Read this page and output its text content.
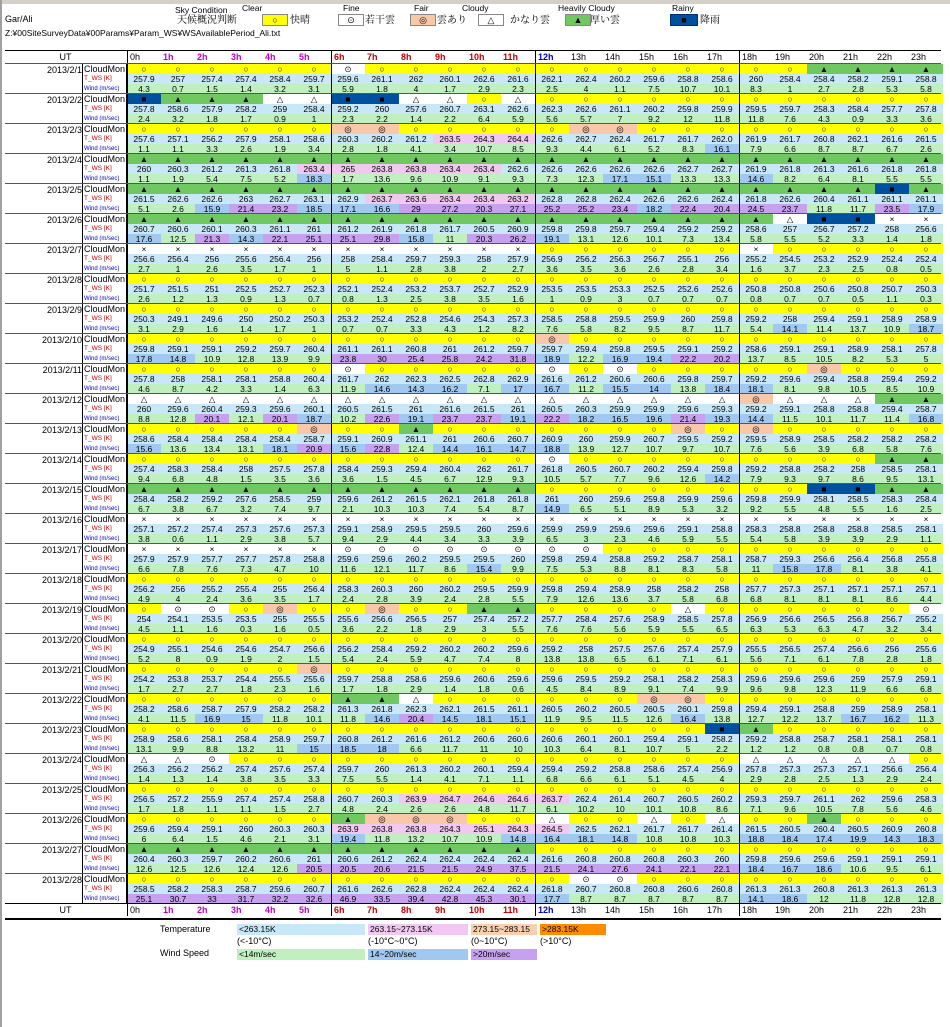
Gar/Ali
Z:¥00SiteSurveyData¥00Params¥Param_WS¥WSAvailablePeriod_Ali.txt
Sky Condition
天候概況判断
Clear
○	快晴
Fine
⊙	若干雲
Fair
◎	雲あり
Cloudy
△	かなり雲
Heavily Cloudy
▲ 厚い雲
Rainy
■	降雨
UT	0h	1h	2h	3h	4h	5h	6h	7h	8h	9h	10h	11h	12h	13h	14h	15h	16h	17h	18h	19h	20h	21h	22h	23h
2013/2/1 CloudMon
T_WS [K]
Wind (m/sec)
○	○	○	○	○	○	⊙	○	○	○	○	○	○	○	○	○	○	○	○	○	▲	▲	▲	▲
257.9	257	257.4	257.4	258.4	259.7	259.6	261.1	262	260.1	262.6	261.6	262.1	262.4	260.2	259.6	258.8	258.6	260	258.4	258.4	258.2	259.1	258.8
4.3	0.7	1.5	1.4	3.2	3.1	5.9	1.8	4	1.7	2.9	2.3	2.5	4	1.1	7.5	10.7	10.1	8.3	1	2.7	2.8	5.3	5.8
2013/2/2 CloudMon
T_WS [K]
Wind (m/sec)
■	▲	▲	▲	△	△	■	■	△	△	○	△	○	○	○	○	○	○	○	○	○	○	○	○
257.8	258.6	257.9	258.2	259	258.4	259.2	260	257.6	260.7	263.1	262.6	262.3	262.6	261.1	260.2	259.8	259.9	259.5	259.7	258.3	258.4	257.7	257.8
2.4	3.2	1.8	1.7	0.9	1	2.3	2.2	1.4	2.2	6.4	5.9	5.6	5.7	7	9.2	12	11.8	11.8	7.6	4.3	0.9	3.3	3.6
2013/2/3 CloudMon
T_WS [K]
Wind (m/sec)
○	○	○	○	○	○	◎	◎	○	○	○	○	○	◎	◎	○	○	○	○	○	○	○	○	○
257.6	257.1	256.2	257.9	258.1	258.6	260.3	260.2	261.2	263.5	264.3	264.4	262.6	262.7	262.4	261.7	261.7	262.0	261.9	261.7	260.8	262.1	261.6	261.5
1.1	1.1	3.3	2.6	1.9	3.4	2.8	1.8	4.1	3.4	10.7	8.5	9.3	4.4	6.1	5.2	8.3	16.1	7.9	6.6	8.7	8.7	6.7	2.6
2013/2/4 CloudMon
T_WS [K]
Wind (m/sec)
▲	▲	▲	▲	▲	▲	▲	▲	▲	▲	▲	▲	▲	▲	▲	▲	▲	▲	▲	▲	▲	▲	▲	▲
260	260.3	261.2	261.3	261.8	263.4	265	263.8	263.8	263.4	263.4	262.6	262.6	262.6	262.6	262.6	262.7	262.7	261.9	261.8	261.3	261.6	261.8	261.8
1.1	1.9	5.4	7.5	5.2	18.3	1.7	13.6	9.6	10.9	9.1	9.3	7.3	12.3	17.1	15.1	13.3	13.3	14.6	8.2	6.4	8.1	5.5	5.5
2013/2/5 CloudMon
T_WS [K]
Wind (m/sec)
▲	▲	▲	▲	▲	▲	▲	▲	▲	▲	▲	▲	▲	▲	▲	▲	▲	▲	▲	▲	▲	▲	■	▲
261.5	262.6	262.6	263	262.7	263.1	262.9	263.7	263.6	263.4	263.4	263.2	262.8	262.8	262.4	262.6	262.6	262.4	261.8	262.6	260.4	261.1	261.1	261.1
5.1	2.6	15.9	21.4	23.2	18.5	17.1	16.6	29	27.2	20.3	27.1	25.2	25.2	23.4	18.2	22.4	20.4	24.5	23.7	11.8	11.7	23.5	17.9
2013/2/6 CloudMon
T_WS [K]
Wind (m/sec)
▲	▲	▲	▲	▲	▲	▲	▲	▲	▲	▲	▲	▲	▲	▲	▲	▲	▲	▲	△	■	■	×	×
260.7	260.6	260.1	260.3	261.1	261	261.2	261.9	261.8	261.7	260.5	260.9	259.8	259.8	259.7	259.4	259.2	259.2	258.6	257	256.7	257.2	258	256.6
17.6	12.5	21.3	14.3	22.1	25.1	25.1	29.8	15.8	11	20.3	26.2	19.1	13.1	12.6	10.1	7.3	13.4	5.8	5.5	5.2	3.3	1.4	1.8
2013/2/7 CloudMon
T_WS [K]
Wind (m/sec)
×	×	×	×	×	×	×	×	×	×	×	×	○	○	○	○	○	○	×	○	○	○	○	○
256.6	256.4	256	255.6	256.4	256	258	258.4	259.7	259.3	258	257.9	256.9	256.2	256.3	256.7	255.1	256	255.2	254.5	253.2	252.9	252.4	252.4
2.7	1	2.6	3.5	1.7	1	5	1.1	2.8	3.8	2	2.7	3.6	3.5	3.6	2.6	2.8	3.4	1.6	3.7	2.3	2.5	0.8	0.5
2013/2/8 CloudMon
T_WS [K]
Wind (m/sec)
○	○	○	○	○	○	○	○	○	○	○	○	○	○	○	○	○	○	○	○	○	○	○	○
251.7	251.5	251	252.5	252.7	252.3	252.1	252.4	253.2	253.7	252.7	252.9	253.5	253.5	253.3	252.5	252.6	252.6	250.8	250.8	250.6	250.8	250.7	250.3
2.6	1.2	1.3	0.9	1.3	0.7	0.8	1.3	2.5	3.8	3.5	1.6	1	0.9	3	0.7	0.7	0.7	0.8	0.7	0.7	0.5	1.1	0.3
2013/2/9 CloudMon
T_WS [K]
Wind (m/sec)
○	○	○	○	○	○	○	○	○	○	○	○	○	○	○	○	○	○	○	○	○	○	○	○
250.3	249.1	249.6	250	250.2	250.3	253.2	252.4	252.8	254.6	254.3	257.3	258.5	258.8	259.5	259.9	260	259.8	259.2	258	259.4	259.1	258.9	258.9
3.1	2.9	1.6	1.4	1.7	1	0.7	0.7	3.3	4.3	1.2	8.2	7.6	5.8	8.2	9.5	8.7	11.7	5.4	14.1	11.4	13.7	10.9	18.7
2013/2/10 CloudMon
T_WS [K]
Wind (m/sec)
○	○	○	○	○	○	○	○	○	○	○	○	◎	○	○	○	○	○	○	○	○	○	○	○
259.8	259.1	259.1	259.2	259.7	260.4	261.1	261.1	260.8	261	261.2	259.7	259.7	259.4	259.8	259.5	259.1	259.2	258.6	259.1	259.1	258.9	258.1	257.8
17.8	14.8	10.9	12.8	13.9	9.9	23.8	30	25.4	25.8	24.2	31.8	18.9	12.2	16.9	19.4	22.2	20.2	13.7	8.5	10.5	8.2	5.3	5
2013/2/11 CloudMon
T_WS [K]
Wind (m/sec)
○	○	○	○	○	○	⊙	○	○	○	○	○	⊙	○	⊙	○	○	○	○	○	◎	○	○	○
257.8	258	258.1	258.1	258.8	260.4	261.7	262	262.3	262.5	262.8	262.9	261.6	261.2	260.6	260.6	259.8	259.7	259.2	259.6	259.4	258.8	259.4	259.2
4.6	8.7	4.2	3.3	1.4	6.3	11.9	14.6	14.3	16.2	7.1	17	16.7	11.2	15.5	14	13.8	18.4	18.1	8.1	9.8	10.5	8.5	10.9
2013/2/12 CloudMon
T_WS [K]
Wind (m/sec)
△	△	△	△	△	△	△	△	△	△	△	△	△	△	△	△	△	△	◎	△	△	△	▲	▲
260	259.6	260.4	259.3	259.6	260.1	260.5	261.5	261	261.6	261.5	261	260.5	260.3	259.9	259.9	259.6	259.3	259.2	259.1	258.8	258.8	259.4	258.7
8.8	12.8	20.1	12.1	20.1	18.7	10.2	22.6	19.1	23.7	23.7	19.1	22.2	18.2	16.5	19.6	21.4	19.3	14.4	11.5	10.1	11.7	11.4	16.8
2013/2/13 CloudMon
T_WS [K]
Wind (m/sec)
○	○	○	○	○	◎	○	○	▲	○	○	○	○	○	○	○	◎	○	◎	○	○	○	○	○
258.6	258.4	258.4	258.4	258.4	258.7	259.1	260.9	261.1	261	260.6	260.7	260.9	260	259.9	260.7	259.5	259.2	259.5	258.9	258.5	258.2	258.2	258.2
15.6	13.6	13.4	13.1	18.1	20.9	15.6	22.8	12.4	14.4	16.1	14.7	18.8	13.9	12.7	10.7	9.7	10.7	7.6	5.6	3.9	6.8	5.8	7.6
2013/2/14 CloudMon
T_WS [K]
Wind (m/sec)
○	○	○	○	○	○	○	○	○	○	○	○	⊙	○	○	○	○	○	○	○	○	○	▲	▲
257.4	258.3	258.4	258	257.5	257.8	258.4	259.3	259.4	260.4	262	261.7	261.8	260.5	260.7	260.2	259.4	259.8	259.2	258.8	258.2	258	258.5	258.1
9.4	6.8	4.8	1.5	3.5	3.6	3.6	1.5	4.5	6.7	12.9	9.3	10.5	5.7	7.7	9.6	12.6	14.2	7.9	9.3	9.7	8.6	9.5	13.1
2013/2/15 CloudMon
T_WS [K]
Wind (m/sec)
▲	▲	▲	▲	▲	▲	▲	▲	▲	▲	▲	▲	○	○	○	○	○	○	○	○	■	■	▲	▲
258.4	258.2	259.2	257.6	258.5	259	259.6	261.2	261.5	262.1	261.8	261.8	261	260	259.6	259.8	259.9	259.6	259.8	259.9	258.1	258.5	258.3	258.4
6.7	3.8	6.7	3.2	7.4	9.7	2.1	10.3	10.3	7.4	5.4	8.7	14.9	6.5	5.1	8.9	5.3	3.2	9.2	5.5	4.8	5.5	1.6	2.5
2013/2/16 CloudMon
T_WS [K]
Wind (m/sec)
×	×	×	×	×	×	×	×	×	×	×	×	×	×	×	×	×	×	×	×	×	×	×	×
257.1	257.2	257.4	257.3	257.6	257.3	259.1	258.9	259.5	259.5	260	259.6	259.9	259.9	259.6	259.6	259.1	258.8	258.3	258.8	258.8	258.8	258.5	258.1
3.8	0.6	1.1	2.9	3.8	5.7	9.4	2.9	4.4	3.4	3.3	3.9	6.5	3	2.3	4.6	5.9	5.5	5.4	5.8	3.9	3.9	2.9	1.1
2013/2/17 CloudMon
T_WS [K]
Wind (m/sec)
×	×	×	×	×	×	⊙	⊙	⊙	⊙	⊙	⊙	⊙	⊙	○	○	○	○	○	○	○	○	○	○
257.9	257.9	257.7	257.7	257.8	258.8	259.6	259.6	260.2	259.5	259.5	260	259.8	259.4	258.8	259.2	258.7	258.1	258.7	259.3	256.6	256.4	256.8	255.8
6.6	7.8	7.6	7.3	4.7	10	11.6	12.1	11.7	8.6	15.4	9.9	7.5	5.3	8.8	8.1	8.3	5.8	11	15.8	17.8	8.1	3.8	4.1
2013/2/18 CloudMon
T_WS [K]
Wind (m/sec)
○	○	○	○	○	○	○	○	○	○	○	○	○	○	○	○	○	○	○	○	○	○	○	○
256.2	256	255.2	255.4	255	256.4	258.3	260.3	260	260.2	259.5	259.9	259.8	259.4	258.9	258	258.2	258	257.7	257.3	257.1	257.1	257.1	257.1
4.9	4	2.4	3.6	3.5	1.7	2.4	2.8	3.9	2.4	2.8	5.5	7.9	12.6	13.6	3.7	5.8	6.8	6.8	8.1	8.1	8.1	8.6	4.4
2013/2/19 CloudMon
T_WS [K]
Wind (m/sec)
○	⊙	⊙	○	◎	○	○	◎	○	○	▲	▲	○	○	○	○	△	○	○	○	○	○	○	⊙
254	254.1	253.5	253.5	255	255.5	255.6	256.6	256.5	257	257.4	257.2	257.7	258.4	257.6	258.9	258.5	257.8	256.9	256.6	256.5	256.8	256.7	255.2
4.5	1.1	1.6	0.3	1.6	0.5	3.6	2.2	1.8	2.9	3	5.5	7.6	7.6	5.6	5.9	5.5	6.5	6.3	5.3	6.3	4.7	3.2	3.4
2013/2/20 CloudMon
T_WS [K]
Wind (m/sec)
○	○	○	○	○	○	○	○	○	○	○	○	○	○	○	○	○	○	○	○	○	○	○	○
254.9	255.1	254.6	254.6	254.7	256.6	256.2	258.4	259.2	260.2	260.2	259.6	259.2	258	257.5	257.6	257.4	257.9	255.5	256.5	257.4	256.6	256	255.6
5.2	8	0.9	1.9	2	1.5	5.4	2.4	5.9	4.7	7.4	8	13.8	13.8	6.5	6.1	7.1	6.1	5.6	7.1	6.1	7.8	2.8	1.8
2013/2/21 CloudMon
T_WS [K]
Wind (m/sec)
○	○	○	○	○	◎	○	○	○	○	○	○	○	○	○	○	○	○	○	○	○	○	○	○
254.2	253.8	253.7	254.4	255.5	255.6	259.7	258.8	258.6	259.6	260.6	259.6	259.6	259.5	259.2	258.1	258.2	258.3	259.6	259.6	259.6	259	257.9	259.1
1.7	2.7	2.7	1.8	2.3	1.6	1.7	1.8	2.9	1.4	1.8	0.6	4.5	8.4	8.9	9.1	7.4	9.9	9.6	9.8	12.3	11.9	6.6	6.8
2013/2/22 CloudMon
T_WS [K]
Wind (m/sec)
○	○	○	○	○	○	▲	▲	△	○	○	○	○	○	○	◎	◎	○	○	○	○	○	○	○
258.2	258.6	258.7	257.9	258.2	258.2	261.3	261.8	262.3	262.1	261.5	261.1	260.5	260.2	260.5	260.5	260.1	259.8	259.4	259.1	258.8	259	258.9	258.1
4.1	11.5	16.9	15	11.8	10.1	11.8	14.6	20.4	14.5	18.1	15.1	11.9	9.5	11.5	12.6	16.4	13.8	12.7	12.2	13.7	16.7	16.2	11.3
2013/2/23 CloudMon
T_WS [K]
Wind (m/sec)
○	○	○	○	○	○	○	○	○	○	○	○	○	○	○	○	○	■	▲	○	○	○	○	○
258.9	258.6	258.1	258.4	258.9	259.7	260.8	261.2	261.6	261.2	260.6	260.6	260.6	260.1	260.1	259.4	259.1	258.2	259.2	258.8	258.7	258.1	258.1	258.1
13.1	9.9	8.8	13.2	11	15	18.5	18	6.6	11.7	11	10	10.3	6.4	8.1	10.7	5	2.2	1.2	1.2	0.8	0.8	0.7	0.8
2013/2/24 CloudMon
T_WS [K]
Wind (m/sec)
△	△	⊙	○	○	○	○	○	○	○	○	○	○	○	○	○	○	○	△	△	△	△	△	○
256.3	256.2	256.2	257.4	257.6	257.4	259.7	260	261.3	260.2	260.1	259.4	259.4	259.2	258.8	258.6	257.4	256.9	257.8	257.3	257.3	257.1	256.6	256.4
1.4	1.3	1.4	3.8	3.5	3.3	7.5	5.5	1.4	4.1	7.1	1.1	6.8	6.6	6.1	5.1	4.5	4	2.9	2.8	2.5	1.3	2.9	2.4
2013/2/25 CloudMon
T_WS [K]
Wind (m/sec)
○	○	○	○	○	○	○	○	○	○	○	○	○	○	○	○	○	○	○	○	○	○	○	○
256.5	257.2	255.9	257.4	257.4	258.8	260.7	260.3	263.9	264.7	264.6	264.6	263.7	262.4	261.4	260.7	260.5	260.2	259.3	259.7	261.1	262	259.6	258.3
1.7	1.8	1.1	1.1	1.5	2.7	4.8	2.4	2.6	2.6	4.8	11.7	6.1	10.2	10	10.1	10.8	8.6	7.1	9.6	10.5	7.8	5.6	4.6
2013/2/26 CloudMon
T_WS [K]
Wind (m/sec)
○	○	○	○	○	○	▲	◎	◎	◎	○	○	△	○	○	△	○	△	○	○	▲	○	○	○
259.6	259.4	259.1	260	260.3	260.3	263.9	263.8	263.8	264.3	265.1	264.3	264.5	262.5	262.1	261.7	261.7	261.4	261.5	260.5	260.4	260.5	260.9	260.8
6	6.4	1.5	4.6	2.1	3.1	19.4	11.8	13.2	10.7	10.9	14.8	16.4	18.1	14.8	10.8	10.8	10.3	18.8	18.4	17.4	19.9	14.3	18.3
2013/2/27 CloudMon
T_WS [K]
Wind (m/sec)
▲	▲	▲	▲	▲	▲	▲	▲	▲	▲	▲	▲	○	○	○	○	○	○	○	○	○	○	○	○
260.4	260.3	259.7	260.2	260.6	261	260.6	261.2	262.4	262.4	262.4	262.4	261.6	260.8	260.8	260.8	260.3	260	259.8	259.6	259.6	259.1	259.1	259.1
12.6	12.5	12.6	12.4	12.6	20.5	20.5	20.6	21.5	21.5	24.9	37.5	21.5	24.1	27.6	24.1	22.1	22.1	18.4	16.7	18.6	10.6	9.5	6.1
2013/2/28 CloudMon
T_WS [K]
Wind (m/sec)
○	○	○	○	○	○	○	○	○	○	○	○	○	⊙	⊙	○	○	○	○	○	○	○	○	○
258.5	258.2	258.3	258.7	259.6	260.7	261.6	262.6	262.8	262.4	262.4	262.4	261.8	260.7	260.8	260.8	260.6	260.8	261.3	261.3	260.8	261.3	261.3	261.3
25.1	30.7	33	31.7	32.2	32.6	46.9	33.5	39.4	42.8	45.3	30.1	17.7	8.7	8.7	8.7	8.7	8.7	14.1	18.6	12	11.8	12.8	12.8
UT	0h	1h	2h	3h	4h	5h	6h	7h	8h	9h	10h	11h	12h	13h	14h	15h	16h	17h	18h	19h	20h	21h	22h	23h
Temperature
Wind Speed
<263.15K	263.15~273.15K	273.15~283.15	>283.15K
(<-10°C)	(-10°C~0°C)	(0~10°C)	(>10°C)
<14m/sec	14~20m/sec	>20m/sec
